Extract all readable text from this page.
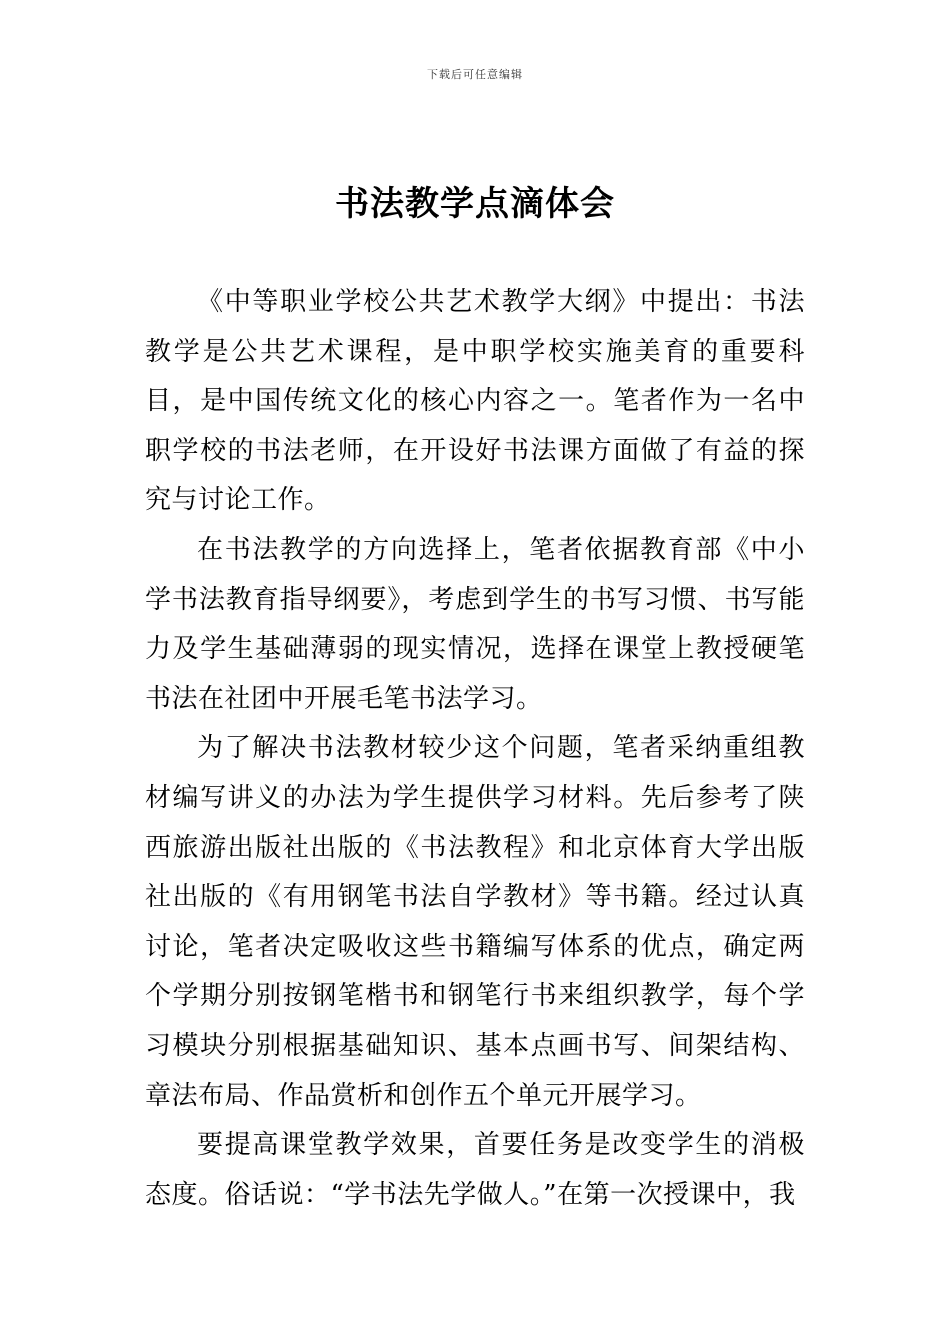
下载后可任意编辑
书法教学点滴体会

《中等职业学校公共艺术教学大纲》中提出：书法教学是公共艺术课程，是中职学校实施美育的重要科目，是中国传统文化的核心内容之一。笔者作为一名中职学校的书法老师，在开设好书法课方面做了有益的探究与讨论工作。

在书法教学的方向选择上，笔者依据教育部《中小学书法教育指导纲要》，考虑到学生的书写习惯、书写能力及学生基础薄弱的现实情况，选择在课堂上教授硬笔书法在社团中开展毛笔书法学习。

为了解决书法教材较少这个问题，笔者采纳重组教材编写讲义的办法为学生提供学习材料。先后参考了陕西旅游出版社出版的《书法教程》和北京体育大学出版社出版的《有用钢笔书法自学教材》等书籍。经过认真讨论，笔者决定吸收这些书籍编写体系的优点，确定两个学期分别按钢笔楷书和钢笔行书来组织教学，每个学习模块分别根据基础知识、基本点画书写、间架结构、章法布局、作品赏析和创作五个单元开展学习。

要提高课堂教学效果，首要任务是改变学生的消极态度。俗话说：“学书法先学做人。”在第一次授课中，我
